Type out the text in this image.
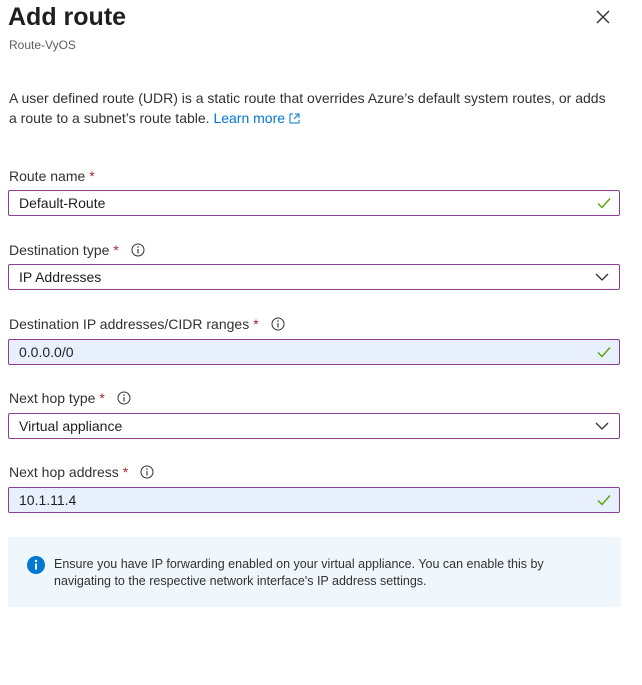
Add route
Route-VyOS
A user defined route (UDR) is a static route that overrides Azure’s default system routes, or adds a route to a subnet’s route table. Learn more
Route name *
Default-Route
Destination type *
IP Addresses
Destination IP addresses/CIDR ranges *
0.0.0.0/0
Next hop type *
Virtual appliance
Next hop address *
10.1.11.4
Ensure you have IP forwarding enabled on your virtual appliance. You can enable this by navigating to the respective network interface's IP address settings.
